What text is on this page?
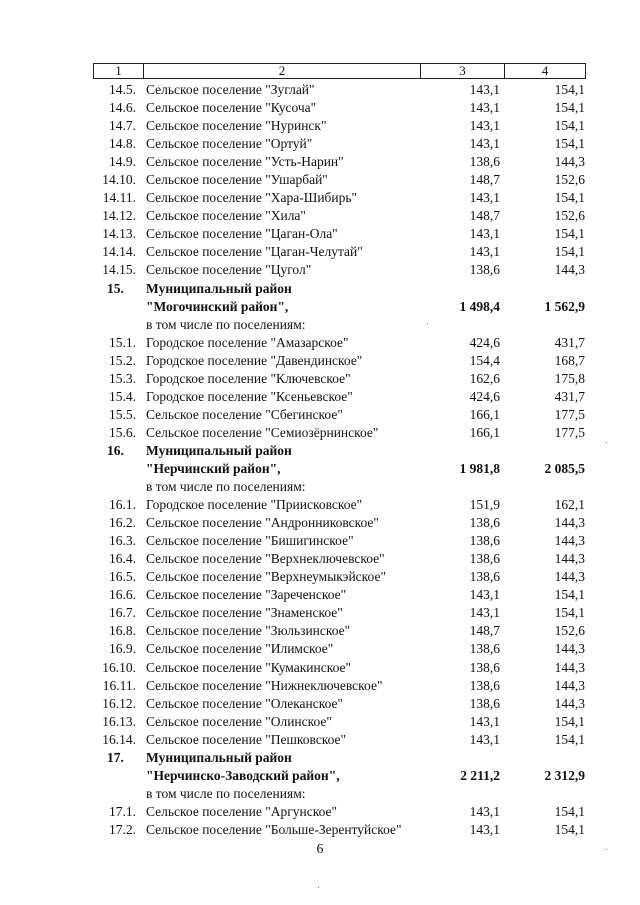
1	2	3	4
14.5. Сельское поселение "Зуглай"	143,1	154,1
14.6. Сельское поселение "Кусоча"	143,1	154,1
14.7. Сельское поселение "Нуринск"	143,1	154,1
14.8. Сельское поселение "Ортуй"	143,1	154,1
14.9. Сельское поселение "Усть-Нарин"	138,6	144,3
14.10. Сельское поселение "Ушарбай"	148,7	152,6
14.11. Сельское поселение "Хара-Шибирь"	143,1	154,1
14.12. Сельское поселение "Хила"	148,7	152,6
14.13. Сельское поселение "Цаган-Ола"	143,1	154,1
14.14. Сельское поселение "Цаган-Челутай"	143,1	154,1
14.15. Сельское поселение "Цугол"	138,6	144,3
15. Муниципальный район
"Могочинский район",	1 498,4	1 562,9
в том числе по поселениям:
15.1. Городское поселение "Амазарское"	424,6	431,7
15.2. Городское поселение "Давендинское"	154,4	168,7
15.3. Городское поселение "Ключевское"	162,6	175,8
15.4. Городское поселение "Ксеньевское"	424,6	431,7
15.5. Сельское поселение "Сбегинское"	166,1	177,5
15.6. Сельское поселение "Семиозёрнинское"	166,1	177,5
16. Муниципальный район
"Нерчинский район",	1 981,8	2 085,5
в том числе по поселениям:
16.1. Городское поселение "Приисковское"	151,9	162,1
16.2. Сельское поселение "Андронниковское"	138,6	144,3
16.3. Сельское поселение "Бишигинское"	138,6	144,3
16.4. Сельское поселение "Верхнеключевское"	138,6	144,3
16.5. Сельское поселение "Верхнеумыкэйское"	138,6	144,3
16.6. Сельское поселение "Зареченское"	143,1	154,1
16.7. Сельское поселение "Знаменское"	143,1	154,1
16.8. Сельское поселение "Зюльзинское"	148,7	152,6
16.9. Сельское поселение "Илимское"	138,6	144,3
16.10. Сельское поселение "Кумакинское"	138,6	144,3
16.11. Сельское поселение "Нижнеключевское"	138,6	144,3
16.12. Сельское поселение "Олеканское"	138,6	144,3
16.13. Сельское поселение "Олинское"	143,1	154,1
16.14. Сельское поселение "Пешковское"	143,1	154,1
17. Муниципальный район
"Нерчинско-Заводский район",	2 211,2	2 312,9
в том числе по поселениям:
17.1. Сельское поселение "Аргунское"	143,1	154,1
17.2. Сельское поселение "Больше-Зерентуйское"	143,1	154,1
6
